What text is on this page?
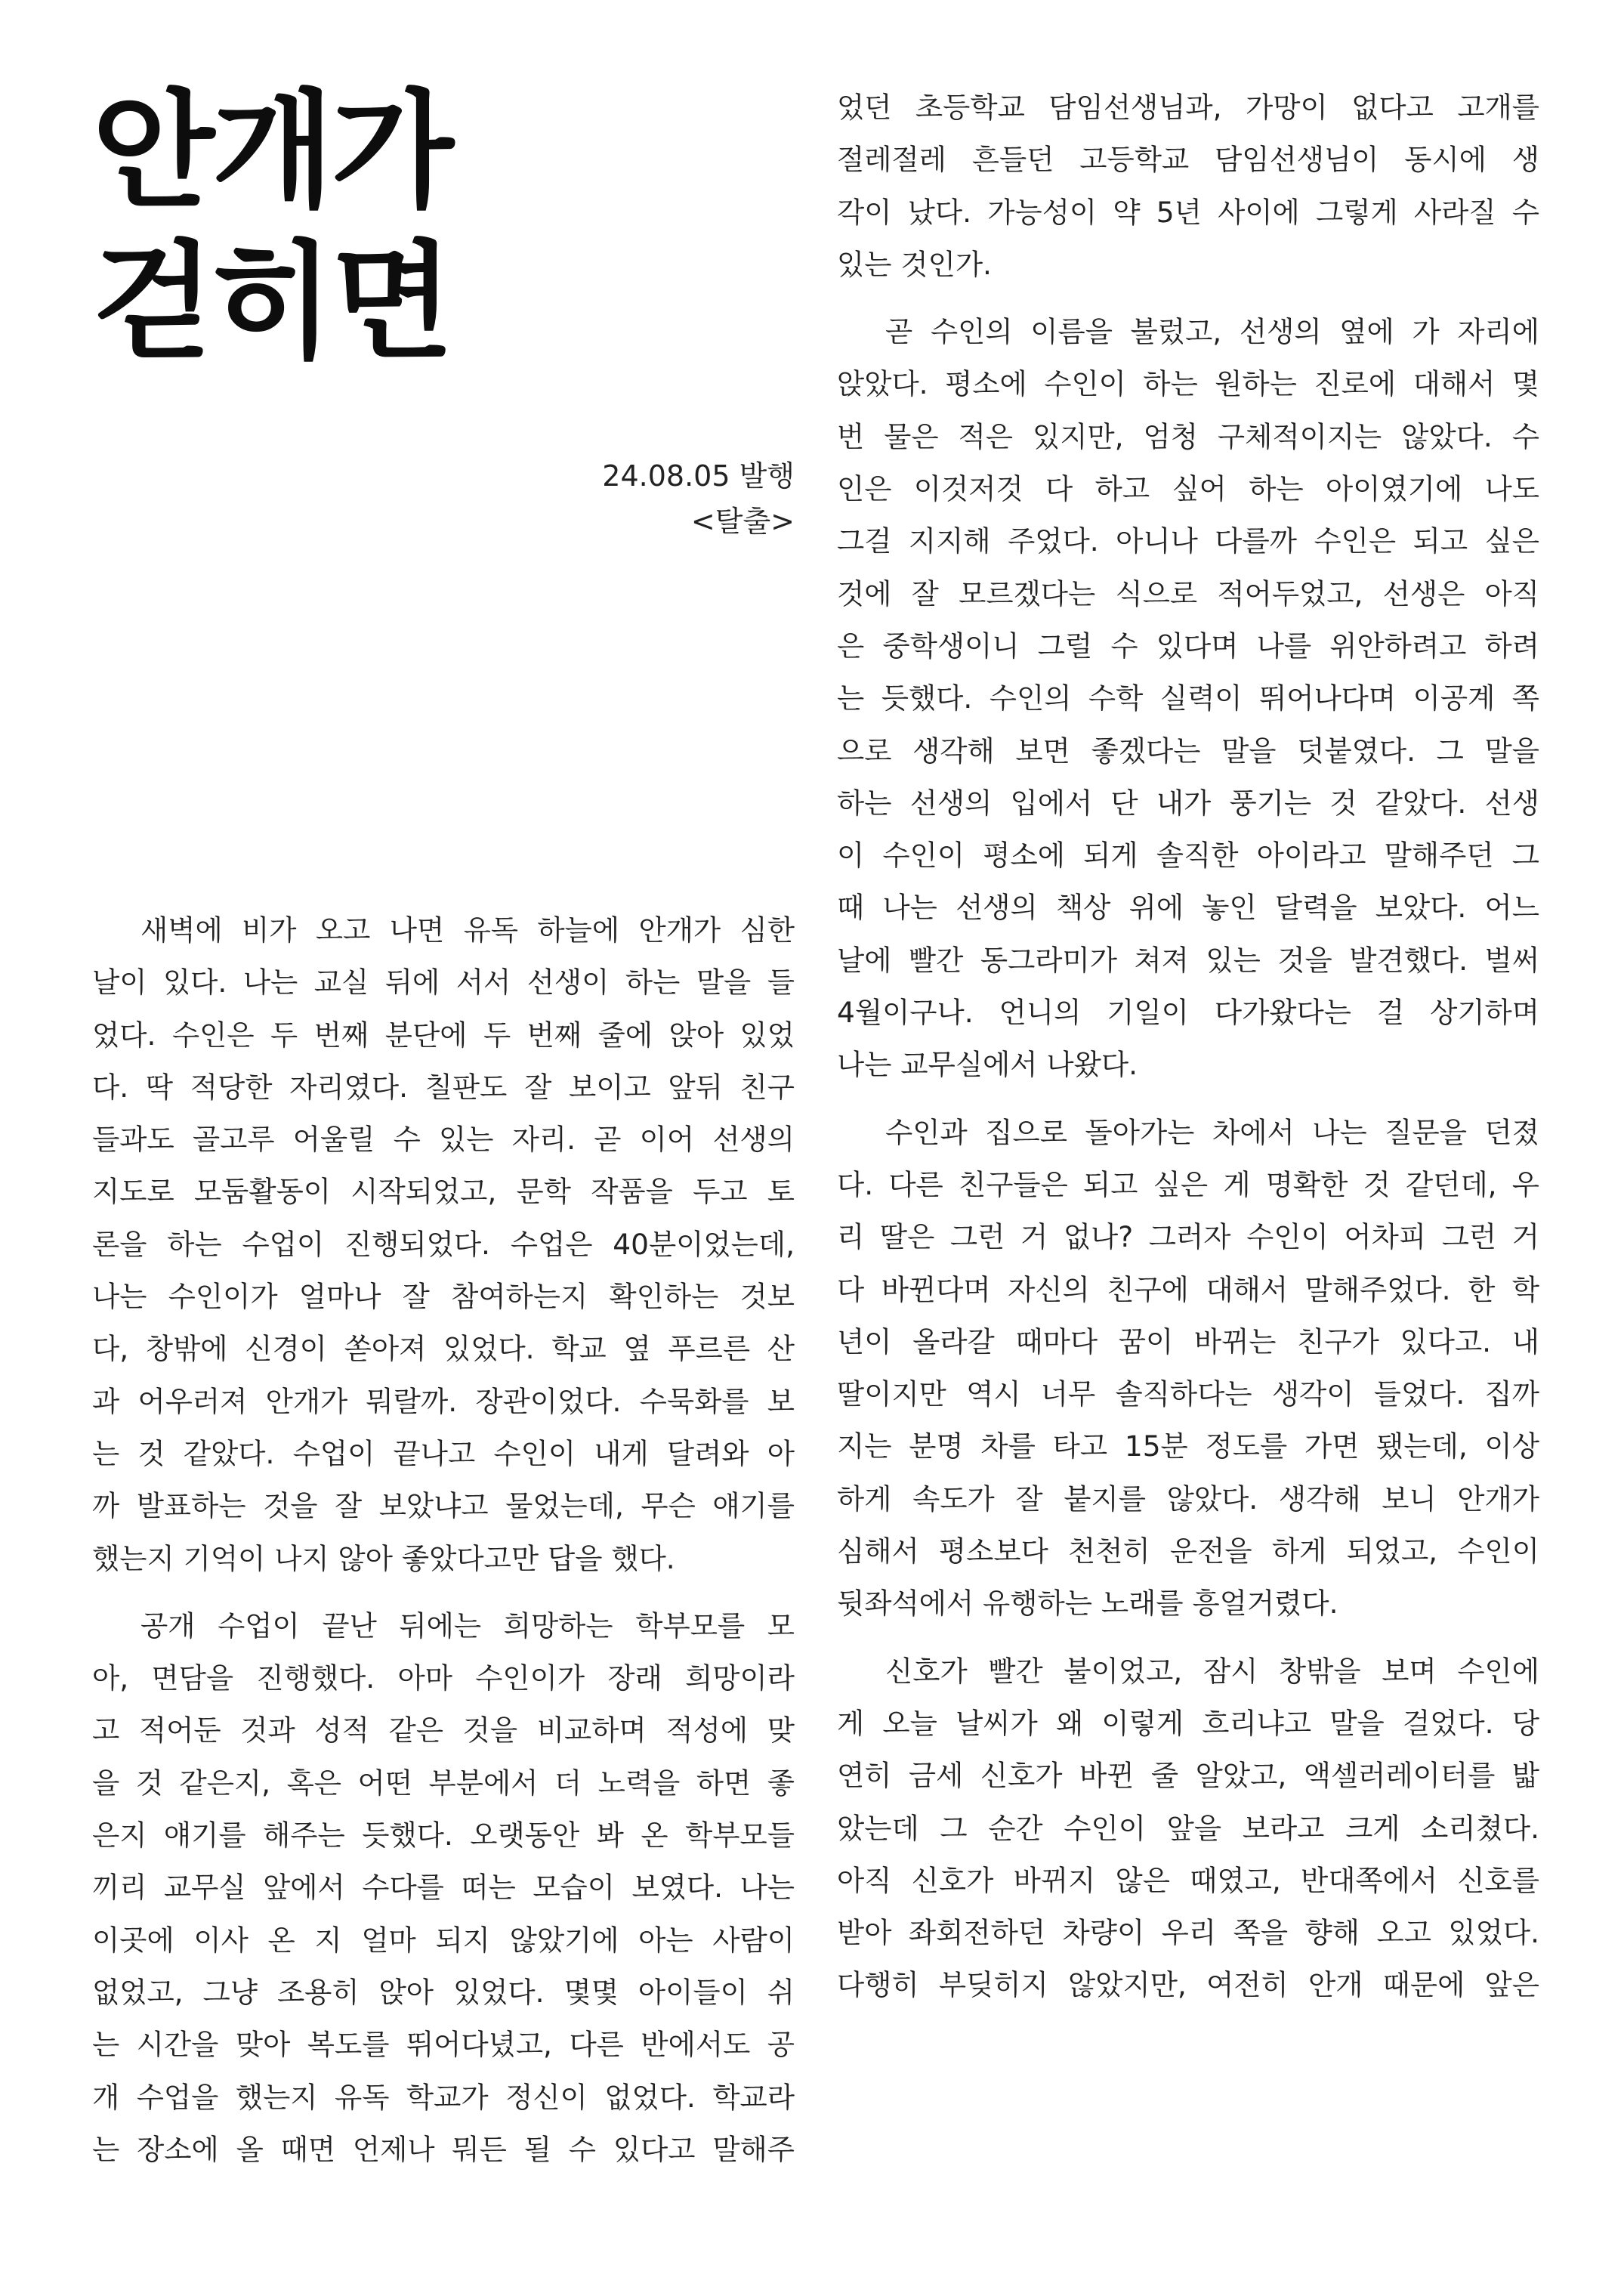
안개가
걷히면
24.08.05 발행
<탈출>

새벽에 비가 오고 나면 유독 하늘에 안개가 심한
날이 있다. 나는 교실 뒤에 서서 선생이 하는 말을 들
었다. 수인은 두 번째 분단에 두 번째 줄에 앉아 있었
다. 딱 적당한 자리였다. 칠판도 잘 보이고 앞뒤 친구
들과도 골고루 어울릴 수 있는 자리. 곧 이어 선생의
지도로 모둠활동이 시작되었고, 문학 작품을 두고 토
론을 하는 수업이 진행되었다. 수업은 40분이었는데,
나는 수인이가 얼마나 잘 참여하는지 확인하는 것보
다, 창밖에 신경이 쏟아져 있었다. 학교 옆 푸르른 산
과 어우러져 안개가 뭐랄까. 장관이었다. 수묵화를 보
는 것 같았다. 수업이 끝나고 수인이 내게 달려와 아
까 발표하는 것을 잘 보았냐고 물었는데, 무슨 얘기를
했는지 기억이 나지 않아 좋았다고만 답을 했다.

공개 수업이 끝난 뒤에는 희망하는 학부모를 모
아, 면담을 진행했다. 아마 수인이가 장래 희망이라
고 적어둔 것과 성적 같은 것을 비교하며 적성에 맞
을 것 같은지, 혹은 어떤 부분에서 더 노력을 하면 좋
은지 얘기를 해주는 듯했다. 오랫동안 봐 온 학부모들
끼리 교무실 앞에서 수다를 떠는 모습이 보였다. 나는
이곳에 이사 온 지 얼마 되지 않았기에 아는 사람이
없었고, 그냥 조용히 앉아 있었다. 몇몇 아이들이 쉬
는 시간을 맞아 복도를 뛰어다녔고, 다른 반에서도 공
개 수업을 했는지 유독 학교가 정신이 없었다. 학교라
는 장소에 올 때면 언제나 뭐든 될 수 있다고 말해주

었던 초등학교 담임선생님과, 가망이 없다고 고개를
절레절레 흔들던 고등학교 담임선생님이 동시에 생
각이 났다. 가능성이 약 5년 사이에 그렇게 사라질 수
있는 것인가.

곧 수인의 이름을 불렀고, 선생의 옆에 가 자리에
앉았다. 평소에 수인이 하는 원하는 진로에 대해서 몇
번 물은 적은 있지만, 엄청 구체적이지는 않았다. 수
인은 이것저것 다 하고 싶어 하는 아이였기에 나도
그걸 지지해 주었다. 아니나 다를까 수인은 되고 싶은
것에 잘 모르겠다는 식으로 적어두었고, 선생은 아직
은 중학생이니 그럴 수 있다며 나를 위안하려고 하려
는 듯했다. 수인의 수학 실력이 뛰어나다며 이공계 쪽
으로 생각해 보면 좋겠다는 말을 덧붙였다. 그 말을
하는 선생의 입에서 단 내가 풍기는 것 같았다. 선생
이 수인이 평소에 되게 솔직한 아이라고 말해주던 그
때 나는 선생의 책상 위에 놓인 달력을 보았다. 어느
날에 빨간 동그라미가 쳐져 있는 것을 발견했다. 벌써
4월이구나. 언니의 기일이 다가왔다는 걸 상기하며
나는 교무실에서 나왔다.

수인과 집으로 돌아가는 차에서 나는 질문을 던졌
다. 다른 친구들은 되고 싶은 게 명확한 것 같던데, 우
리 딸은 그런 거 없나? 그러자 수인이 어차피 그런 거
다 바뀐다며 자신의 친구에 대해서 말해주었다. 한 학
년이 올라갈 때마다 꿈이 바뀌는 친구가 있다고. 내
딸이지만 역시 너무 솔직하다는 생각이 들었다. 집까
지는 분명 차를 타고 15분 정도를 가면 됐는데, 이상
하게 속도가 잘 붙지를 않았다. 생각해 보니 안개가
심해서 평소보다 천천히 운전을 하게 되었고, 수인이
뒷좌석에서 유행하는 노래를 흥얼거렸다.

신호가 빨간 불이었고, 잠시 창밖을 보며 수인에
게 오늘 날씨가 왜 이렇게 흐리냐고 말을 걸었다. 당
연히 금세 신호가 바뀐 줄 알았고, 액셀러레이터를 밟
았는데 그 순간 수인이 앞을 보라고 크게 소리쳤다.
아직 신호가 바뀌지 않은 때였고, 반대쪽에서 신호를
받아 좌회전하던 차량이 우리 쪽을 향해 오고 있었다.
다행히 부딪히지 않았지만, 여전히 안개 때문에 앞은
